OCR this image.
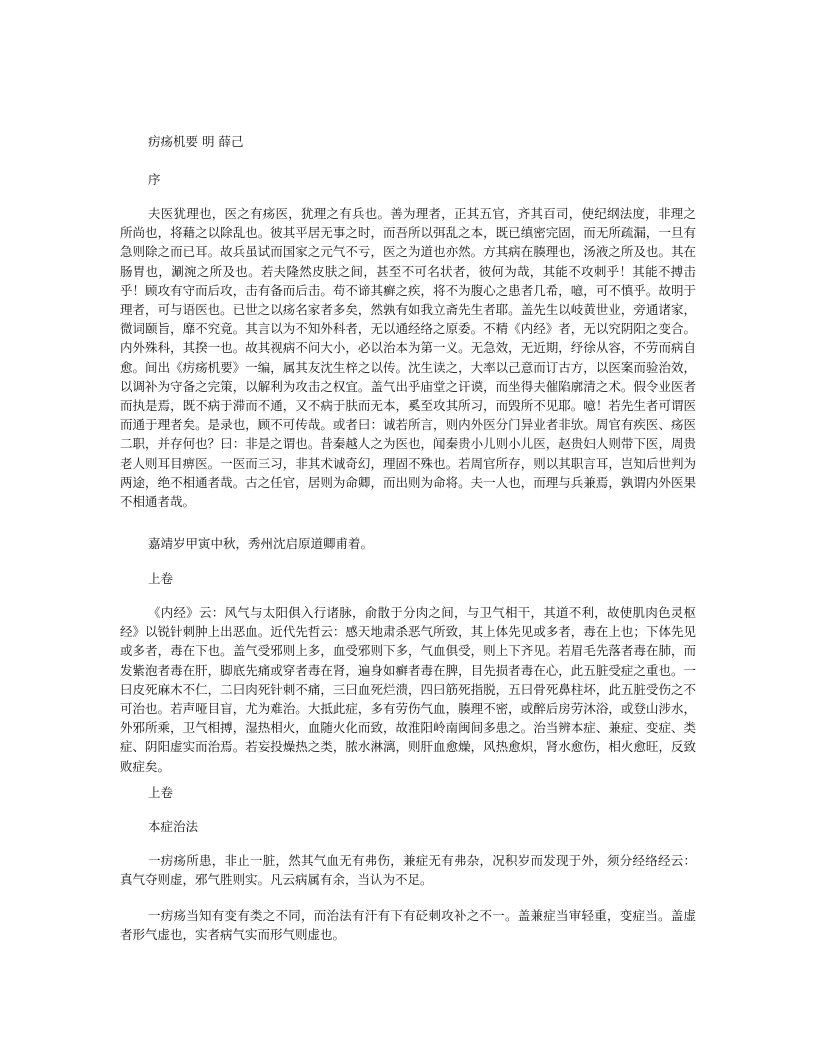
疠疡机要 明 薛己

序

夫医犹理也，医之有疡医，犹理之有兵也。善为理者，正其五官，齐其百司，使纪纲法度，非理之所尚也，将藉之以除乱也。彼其平居无事之时，而吾所以弭乱之本，既已缜密完固，而无所疏漏，一旦有急则除之而已耳。故兵虽试而国家之元气不亏，医之为道也亦然。方其病在腠理也，汤液之所及也。其在肠胃也，涮涴之所及也。若夫隆然皮肤之间，甚至不可名状者，彼何为哉，其能不攻刺乎！其能不搏击乎！顾攻有守而后攻，击有备而后击。苟不谛其癣之疾，将不为腹心之患者几希，噫，可不慎乎。故明于理者，可与语医也。已世之以疡名家者多矣，然孰有如我立斋先生者耶。盖先生以岐黄世业，旁通诸家，微词颐旨，靡不究竟。其言以为不知外科者，无以通经络之原委。不精《内经》者，无以究阴阳之变合。内外殊科，其揆一也。故其视病不问大小，必以治本为第一义。无急效，无近期，纾徐从容，不劳而病自愈。间出《疠疡机要》一编，属其友沈生梓之以传。沈生读之，大率以己意而订古方，以医案而验治效，以调补为守备之完策，以解利为攻击之权宜。盖气出乎庙堂之讦谟，而坐得夫催陷廓清之术。假令业医者而执是焉，既不病于滞而不通，又不病于肤而无本，奚至攻其所习，而毁所不见耶。噫！若先生者可谓医而通于理者矣。是录也，顾不可传哉。或者曰：诚若所言，则内外医分门异业者非欤。周官有疾医、疡医二职，并存何也？曰：非是之谓也。昔秦越人之为医也，闻秦贵小儿则小儿医，赵贵妇人则带下医，周贵老人则耳目痹医。一医而三习，非其术诚奇幻，理固不殊也。若周官所存，则以其职言耳，岂知后世判为两途，绝不相通者哉。古之任官，居则为命卿，而出则为命将。夫一人也，而理与兵兼焉，孰谓内外医果不相通者哉。

嘉靖岁甲寅中秋，秀州沈启原道卿甫着。

上卷

《内经》云：风气与太阳俱入行诸脉，俞散于分肉之间，与卫气相干，其道不利，故使肌肉色灵枢经》以锐针刺肿上出恶血。近代先哲云：感天地肃杀恶气所致，其上体先见或多者，毒在上也；下体先见或多者，毒在下也。盖气受邪则上多，血受邪则下多，气血俱受，则上下齐见。若眉毛先落者毒在肺，而发紫泡者毒在肝，脚底先痛或穿者毒在肾，遍身如癣者毒在脾，目先损者毒在心，此五脏受症之重也。一曰皮死麻木不仁，二曰肉死针刺不痛，三曰血死烂溃，四曰筋死指脱，五曰骨死鼻柱坏，此五脏受伤之不可治也。若声哑目盲，尤为难治。大抵此症，多有劳伤气血，腠理不密，或醉后房劳沐浴，或登山涉水，外邪所乘，卫气相搏，湿热相火，血随火化而致，故淮阳岭南闽间多患之。治当辨本症、兼症、变症、类症、阴阳虚实而治焉。若妄投燥热之类，脓水淋漓，则肝血愈燥，风热愈炽，肾水愈伤，相火愈旺，反致败症矣。

上卷

本症治法

一疠疡所患，非止一脏，然其气血无有弗伤，兼症无有弗杂，况积岁而发现于外，须分经络经云：真气夺则虚，邪气胜则实。凡云病属有余，当认为不足。

一疠疡当知有变有类之不同，而治法有汗有下有砭刺攻补之不一。盖兼症当审轻重，变症当。盖虚者形气虚也，实者病气实而形气则虚也。
